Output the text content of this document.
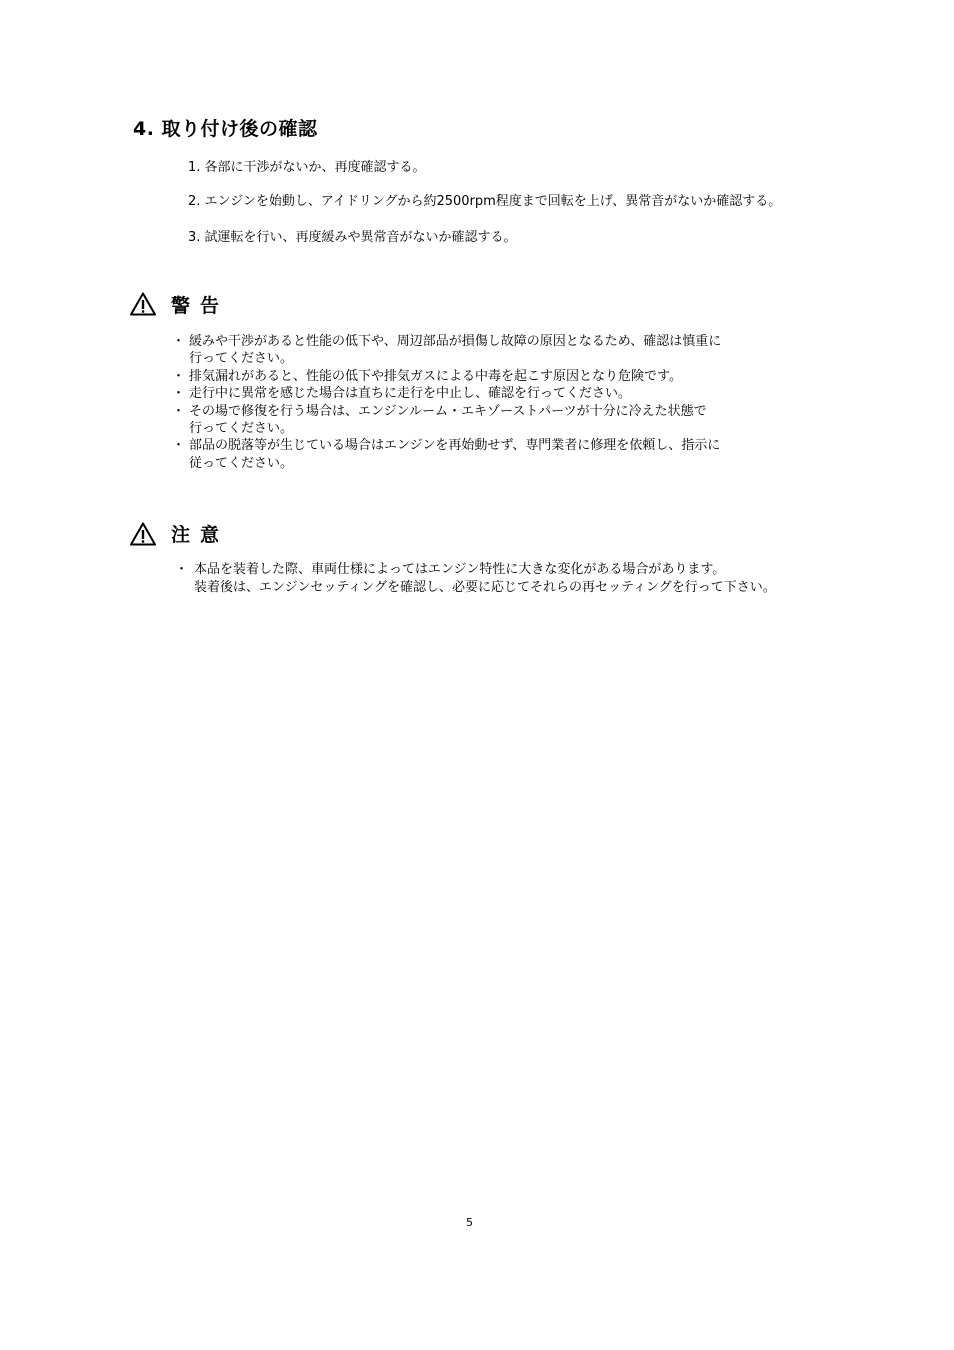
4. 取り付け後の確認
1. 各部に干渉がないか、再度確認する。
2. エンジンを始動し、アイドリングから約2500rpm程度まで回転を上げ、異常音がないか確認する。
3. 試運転を行い、再度緩みや異常音がないか確認する。
警告
・ 緩みや干渉があると性能の低下や、周辺部品が損傷し故障の原因となるため、確認は慎重に
行ってください。
・ 排気漏れがあると、性能の低下や排気ガスによる中毒を起こす原因となり危険です。
・ 走行中に異常を感じた場合は直ちに走行を中止し、確認を行ってください。
・ その場で修復を行う場合は、エンジンルーム・エキゾーストパーツが十分に冷えた状態で
行ってください。
・ 部品の脱落等が生じている場合はエンジンを再始動せず、専門業者に修理を依頼し、指示に
従ってください。
注意
・ 本品を装着した際、車両仕様によってはエンジン特性に大きな変化がある場合があります。
装着後は、エンジンセッティングを確認し、必要に応じてそれらの再セッティングを行って下さい。
5
